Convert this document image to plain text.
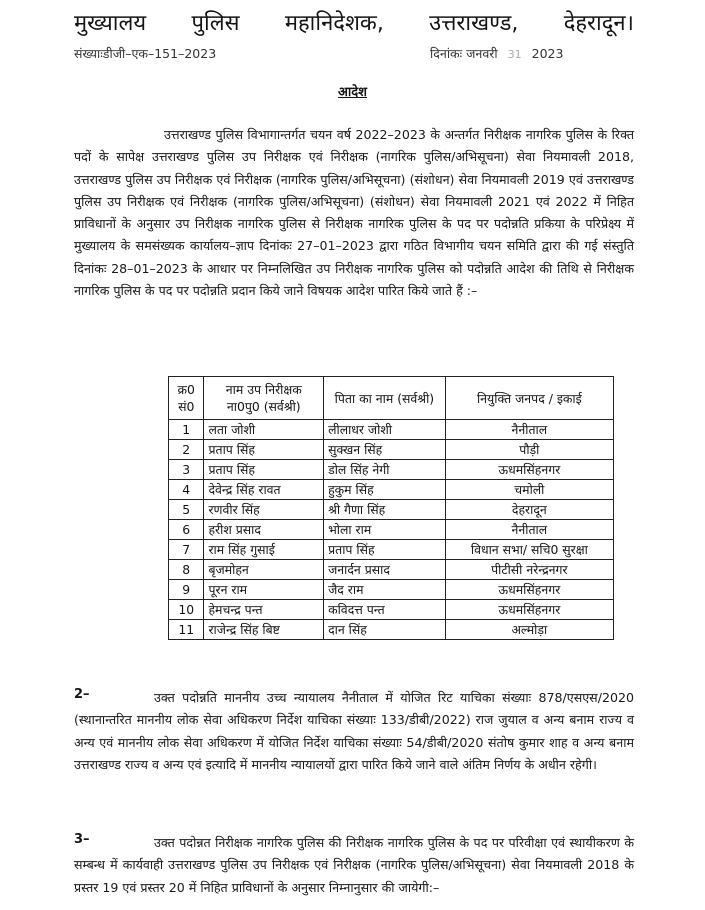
मुख्यालय पुलिस महानिदेशक, उत्तराखण्ड, देहरादून।
संख्याःडीजी–एक–151–2023	दिनांकः जनवरी 31 2023
आदेश
उत्तराखण्ड पुलिस विभागान्तर्गत चयन वर्ष 2022–2023 के अन्तर्गत निरीक्षक नागरिक पुलिस के रिक्त पदों के सापेक्ष उत्तराखण्ड पुलिस उप निरीक्षक एवं निरीक्षक (नागरिक पुलिस/अभिसूचना) सेवा नियमावली 2018, उत्तराखण्ड पुलिस उप निरीक्षक एवं निरीक्षक (नागरिक पुलिस/अभिसूचना) (संशोधन) सेवा नियमावली 2019 एवं उत्तराखण्ड पुलिस उप निरीक्षक एवं निरीक्षक (नागरिक पुलिस/अभिसूचना) (संशोधन) सेवा नियमावली 2021 एवं 2022 में निहित प्राविधानों के अनुसार उप निरीक्षक नागरिक पुलिस से निरीक्षक नागरिक पुलिस के पद पर पदोन्नति प्रकिया के परिप्रेक्ष्य में मुख्यालय के समसंख्यक कार्यालय–ज्ञाप दिनांकः 27–01–2023 द्वारा गठित विभागीय चयन समिति द्वारा की गई संस्तुति दिनांकः 28–01–2023 के आधार पर निम्नलिखित उप निरीक्षक नागरिक पुलिस को पदोन्नति आदेश की तिथि से निरीक्षक नागरिक पुलिस के पद पर पदोन्नति प्रदान किये जाने विषयक आदेश पारित किये जाते हैं :–
क्र0 सं0	नाम उप निरीक्षक ना0पु0 (सर्वश्री)	पिता का नाम (सर्वश्री)	नियुक्ति जनपद / इकाई
1	लता जोशी	लीलाधर जोशी	नैनीताल
2	प्रताप सिंह	सुक्खन सिंह	पौड़ी
3	प्रताप सिंह	डोल सिंह नेगी	ऊधमसिंहनगर
4	देवेन्द्र सिंह रावत	हुकुम सिंह	चमोली
5	रणवीर सिंह	श्री गैणा सिंह	देहरादून
6	हरीश प्रसाद	भोला राम	नैनीताल
7	राम सिंह गुसाई	प्रताप सिंह	विधान सभा/ सचि0 सुरक्षा
8	बृजमोहन	जनार्दन प्रसाद	पीटीसी नरेन्द्रनगर
9	पूरन राम	जैद राम	ऊधमसिंहनगर
10	हेमचन्द्र पन्त	कविदत्त पन्त	ऊधमसिंहनगर
11	राजेन्द्र सिंह बिष्ट	दान सिंह	अल्मोड़ा
2–	उक्त पदोन्नति माननीय उच्च न्यायालय नैनीताल में योजित रिट याचिका संख्याः 878/एसएस/2020 (स्थानान्तरित माननीय लोक सेवा अधिकरण निर्देश याचिका संख्याः 133/डीबी/2022) राज जुयाल व अन्य बनाम राज्य व अन्य एवं माननीय लोक सेवा अधिकरण में योजित निर्देश याचिका संख्याः 54/डीबी/2020 संतोष कुमार शाह व अन्य बनाम उत्तराखण्ड राज्य व अन्य एवं इत्यादि में माननीय न्यायालयों द्वारा पारित किये जाने वाले अंतिम निर्णय के अधीन रहेगी।
3–	उक्त पदोन्नत निरीक्षक नागरिक पुलिस की निरीक्षक नागरिक पुलिस के पद पर परिवीक्षा एवं स्थायीकरण के सम्बन्ध में कार्यवाही उत्तराखण्ड पुलिस उप निरीक्षक एवं निरीक्षक (नागरिक पुलिस/अभिसूचना) सेवा नियमावली 2018 के प्रस्तर 19 एवं प्रस्तर 20 में निहित प्राविधानों के अनुसार निम्नानुसार की जायेगी:–
